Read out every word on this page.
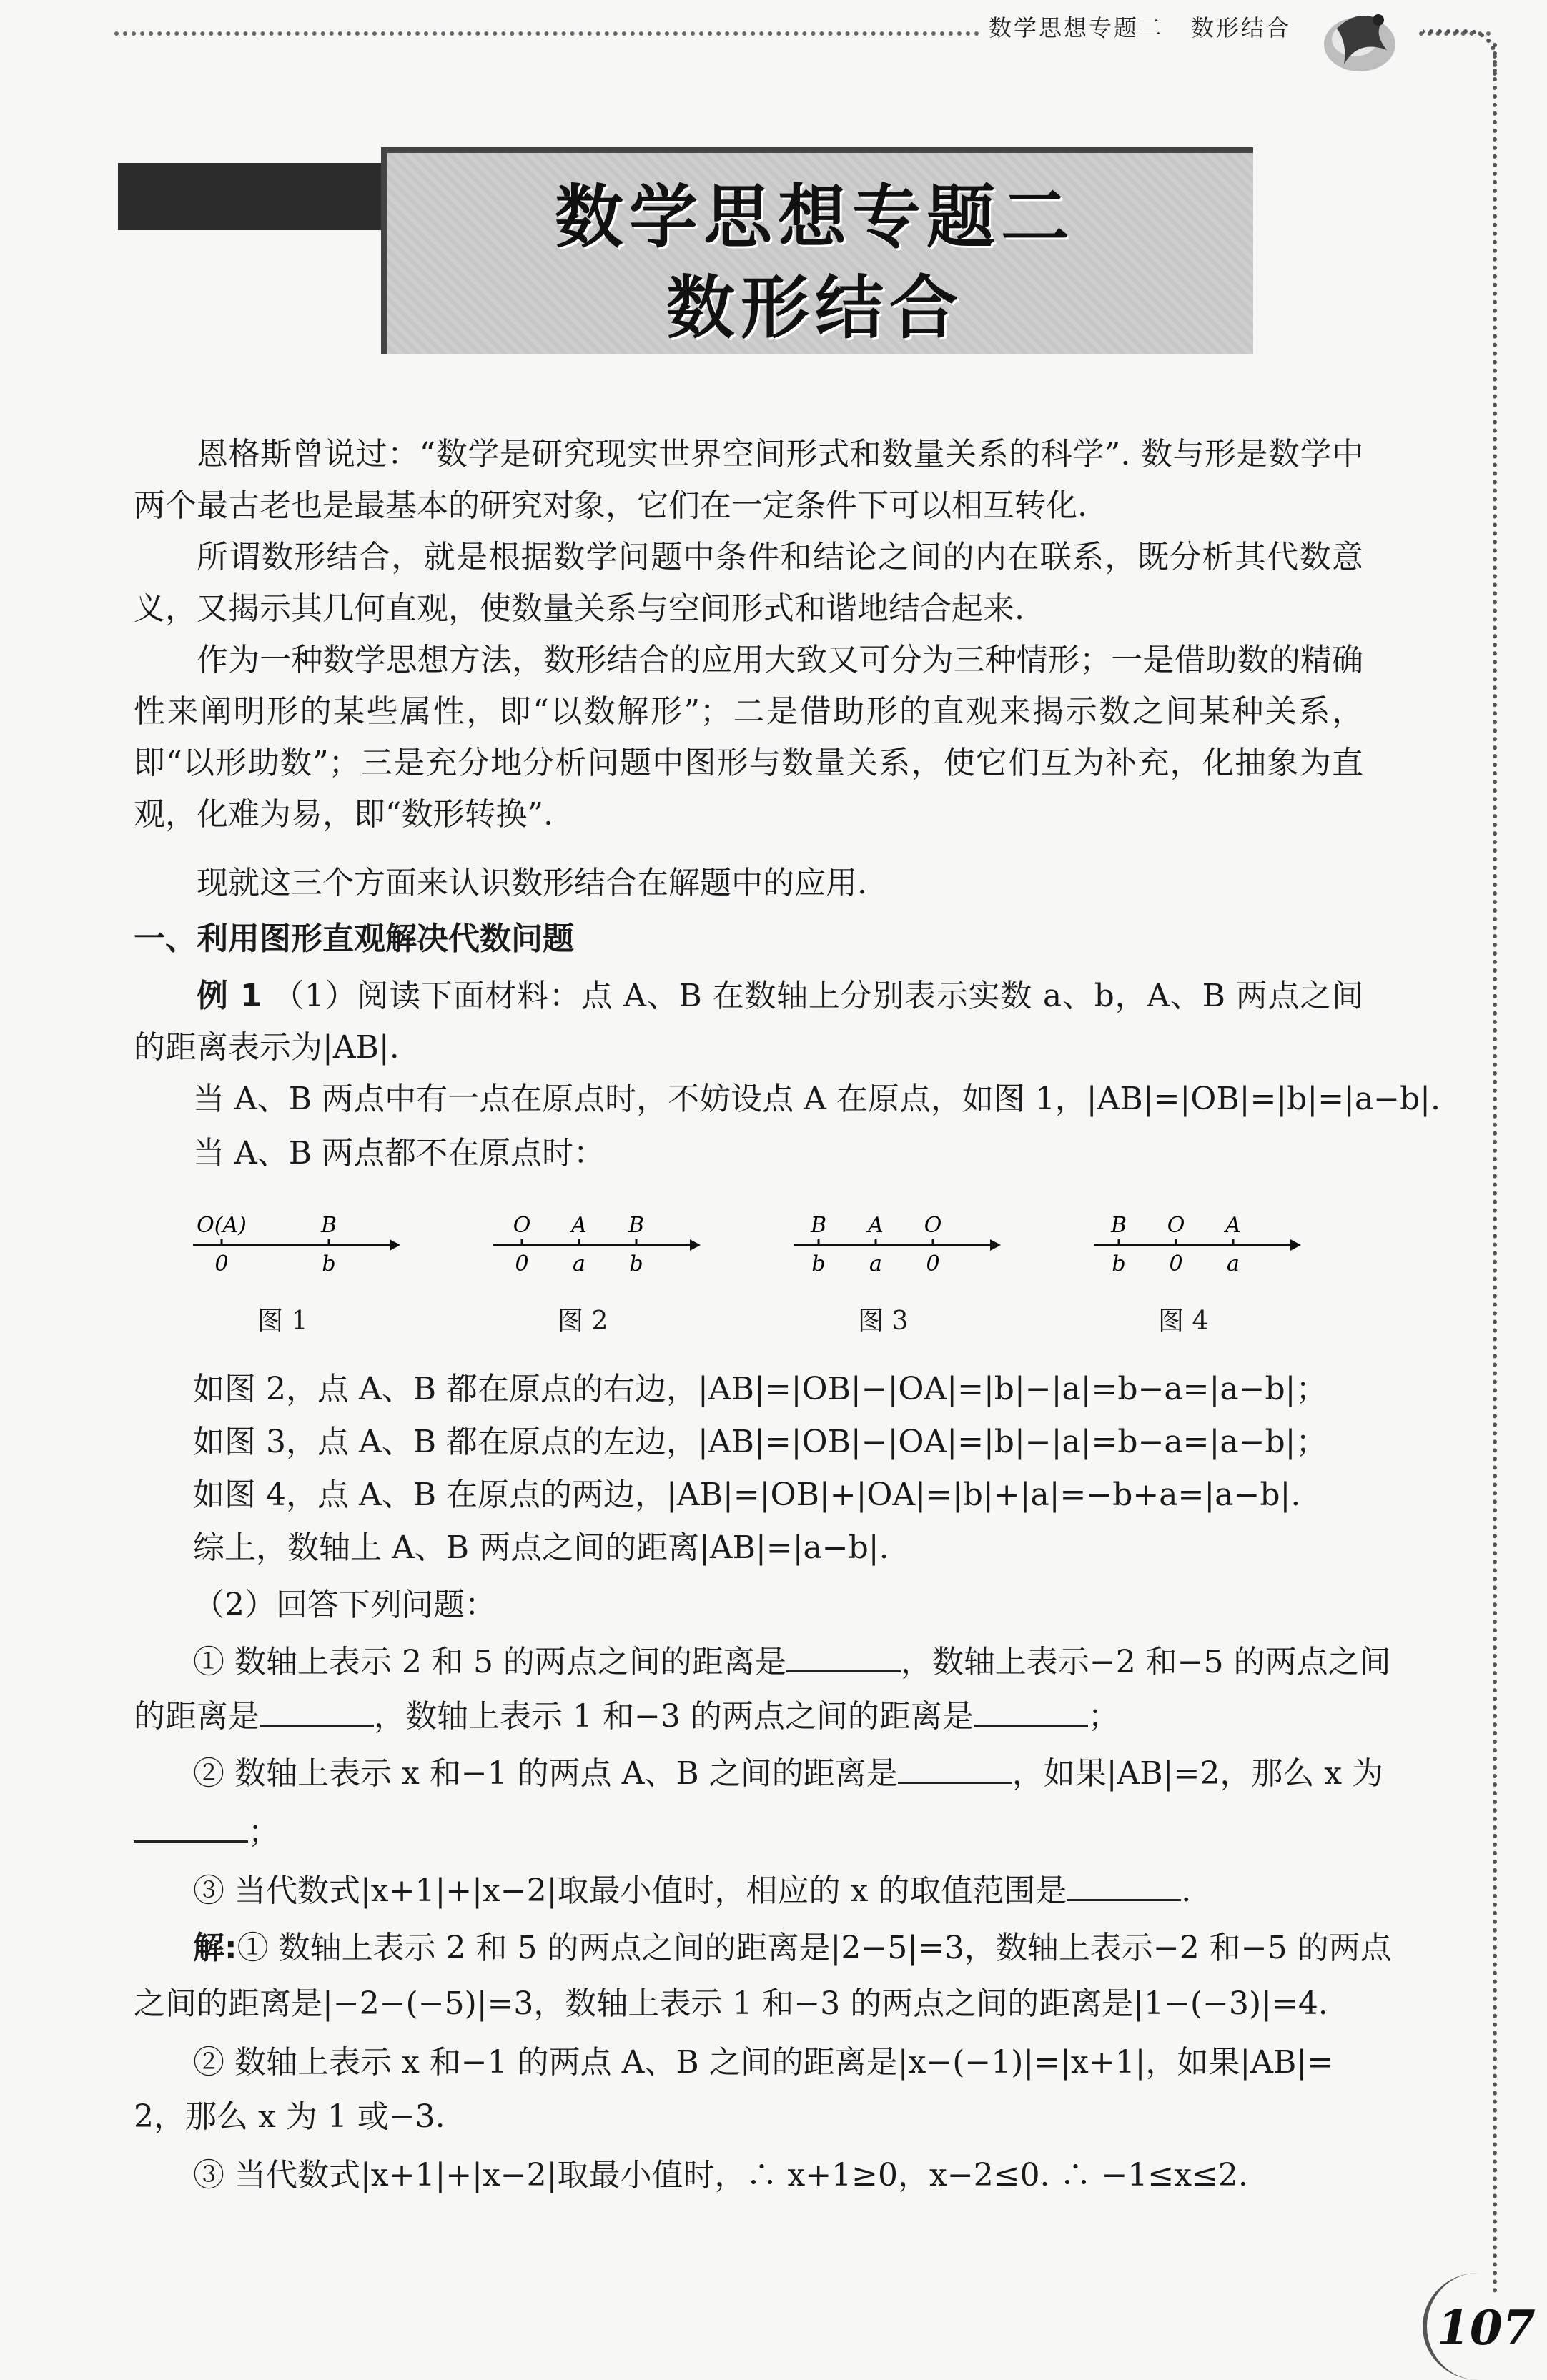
数学思想专题二 数形结合
数学思想专题二
数形结合
恩格斯曾说过：“数学是研究现实世界空间形式和数量关系的科学”. 数与形是数学中两个最古老也是最基本的研究对象，它们在一定条件下可以相互转化.
所谓数形结合，就是根据数学问题中条件和结论之间的内在联系，既分析其代数意义，又揭示其几何直观，使数量关系与空间形式和谐地结合起来.
作为一种数学思想方法，数形结合的应用大致又可分为三种情形；一是借助数的精确性来阐明形的某些属性，即“以数解形”；二是借助形的直观来揭示数之间某种关系，即“以形助数”；三是充分地分析问题中图形与数量关系，使它们互为补充，化抽象为直观，化难为易，即“数形转换”.
现就这三个方面来认识数形结合在解题中的应用.
一、利用图形直观解决代数问题
例 1 （1）阅读下面材料：点 A、B 在数轴上分别表示实数 a、b，A、B 两点之间的距离表示为|AB|.
当 A、B 两点中有一点在原点时，不妨设点 A 在原点，如图 1，|AB|=|OB|=|b|=|a−b|.
当 A、B 两点都不在原点时：
O(A)
0
B
b
图 1
O
0
A
a
B
b
图 2
B
b
A
a
O
0
图 3
B
b
O
0
A
a
图 4
如图 2，点 A、B 都在原点的右边，|AB|=|OB|−|OA|=|b|−|a|=b−a=|a−b|；
如图 3，点 A、B 都在原点的左边，|AB|=|OB|−|OA|=|b|−|a|=b−a=|a−b|；
如图 4，点 A、B 在原点的两边，|AB|=|OB|+|OA|=|b|+|a|=−b+a=|a−b|.
综上，数轴上 A、B 两点之间的距离|AB|=|a−b|.
（2）回答下列问题：
① 数轴上表示 2 和 5 的两点之间的距离是	，数轴上表示−2 和−5 的两点之间
的距离是	，数轴上表示 1 和−3 的两点之间的距离是	；
② 数轴上表示 x 和−1 的两点 A、B 之间的距离是	，如果|AB|=2，那么 x 为
；
③ 当代数式|x+1|+|x−2|取最小值时，相应的 x 的取值范围是	.
解:① 数轴上表示 2 和 5 的两点之间的距离是|2−5|=3，数轴上表示−2 和−5 的两点
之间的距离是|−2−(−5)|=3，数轴上表示 1 和−3 的两点之间的距离是|1−(−3)|=4.
② 数轴上表示 x 和−1 的两点 A、B 之间的距离是|x−(−1)|=|x+1|，如果|AB|=
2，那么 x 为 1 或−3.
③ 当代数式|x+1|+|x−2|取最小值时，∴ x+1≥0，x−2≤0. ∴ −1≤x≤2.
107
